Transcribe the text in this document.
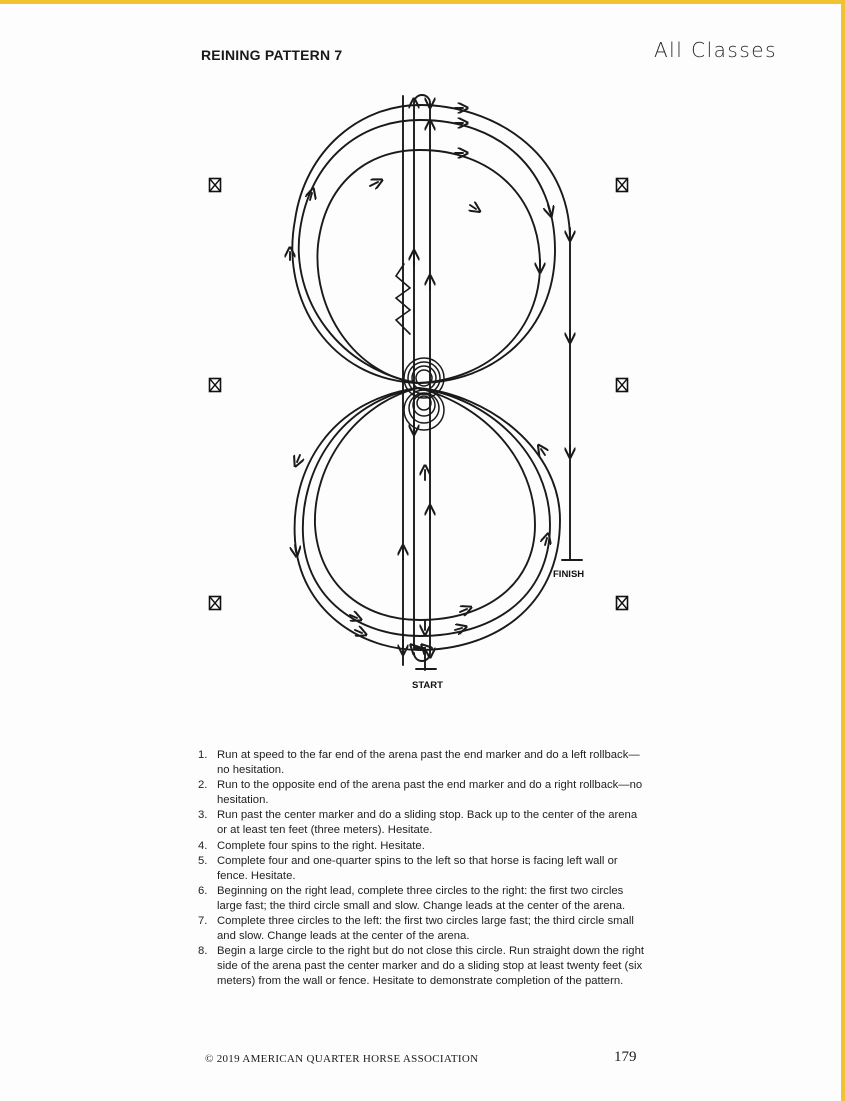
REINING PATTERN 7	All Classes
FINISH
START
1. Run at speed to the far end of the arena past the end marker and do a left rollback—no hesitation.
2. Run to the opposite end of the arena past the end marker and do a right rollback—no hesitation.
3. Run past the center marker and do a sliding stop. Back up to the center of the arena or at least ten feet (three meters). Hesitate.
4. Complete four spins to the right. Hesitate.
5. Complete four and one-quarter spins to the left so that horse is facing left wall or fence. Hesitate.
6. Beginning on the right lead, complete three circles to the right: the first two circles large fast; the third circle small and slow. Change leads at the center of the arena.
7. Complete three circles to the left: the first two circles large fast; the third circle small and slow. Change leads at the center of the arena.
8. Begin a large circle to the right but do not close this circle. Run straight down the right side of the arena past the center marker and do a sliding stop at least twenty feet (six meters) from the wall or fence. Hesitate to demonstrate completion of the pattern.
© 2019 AMERICAN QUARTER HORSE ASSOCIATION	179
